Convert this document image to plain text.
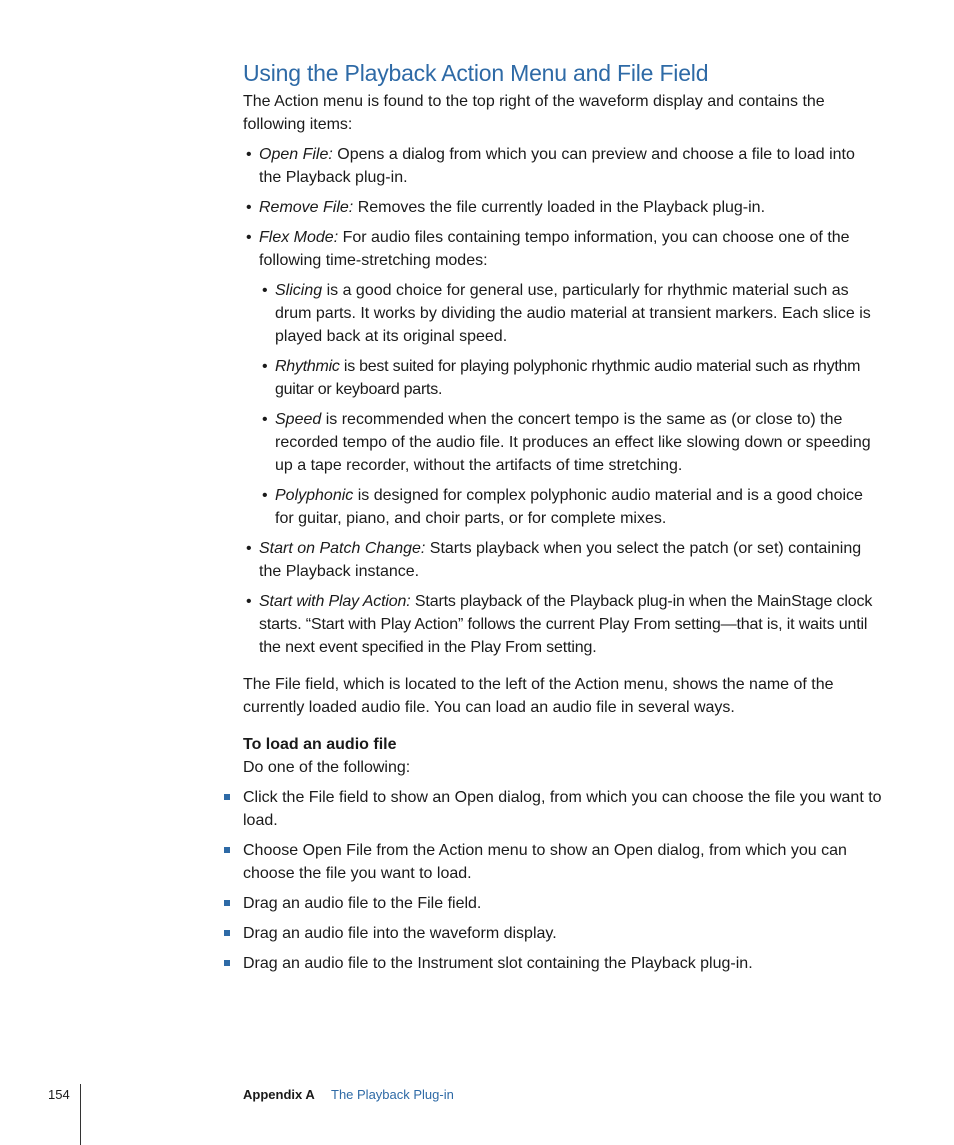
Using the Playback Action Menu and File Field

The Action menu is found to the top right of the waveform display and contains the following items:

• Open File: Opens a dialog from which you can preview and choose a file to load into the Playback plug-in.
• Remove File: Removes the file currently loaded in the Playback plug-in.
• Flex Mode: For audio files containing tempo information, you can choose one of the following time-stretching modes:
• Slicing is a good choice for general use, particularly for rhythmic material such as drum parts. It works by dividing the audio material at transient markers. Each slice is played back at its original speed.
• Rhythmic is best suited for playing polyphonic rhythmic audio material such as rhythm guitar or keyboard parts.
• Speed is recommended when the concert tempo is the same as (or close to) the recorded tempo of the audio file. It produces an effect like slowing down or speeding up a tape recorder, without the artifacts of time stretching.
• Polyphonic is designed for complex polyphonic audio material and is a good choice for guitar, piano, and choir parts, or for complete mixes.
• Start on Patch Change: Starts playback when you select the patch (or set) containing the Playback instance.
• Start with Play Action: Starts playback of the Playback plug-in when the MainStage clock starts. “Start with Play Action” follows the current Play From setting—that is, it waits until the next event specified in the Play From setting.

The File field, which is located to the left of the Action menu, shows the name of the currently loaded audio file. You can load an audio file in several ways.

To load an audio file

Do one of the following:

Click the File field to show an Open dialog, from which you can choose the file you want to load.
Choose Open File from the Action menu to show an Open dialog, from which you can choose the file you want to load.
Drag an audio file to the File field.
Drag an audio file into the waveform display.
Drag an audio file to the Instrument slot containing the Playback plug-in.
154	Appendix A The Playback Plug-in
